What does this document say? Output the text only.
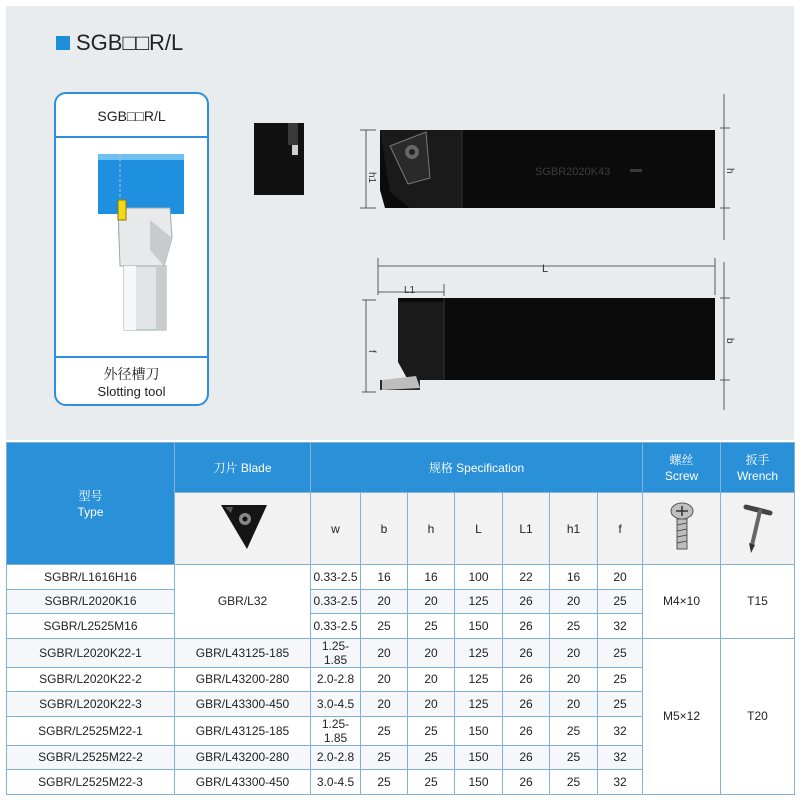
SGB□□R/L
SGB□□R/L
外径槽刀
Slotting tool
SGBR2020K43
h1
h
L
L1
f
b
型号
Type	刀片 Blade	规格 Specification							螺丝
Screw	扳手
Wrench

	w	b	h	L	L1	h1	f		
SGBR/L1616H16	GBR/L32	0.33-2.5	16	16	100	22	16	20	M4×10	T15
SGBR/L2020K16		0.33-2.5	20	20	125	26	20	25		
SGBR/L2525M16		0.33-2.5	25	25	150	26	25	32		
SGBR/L2020K22-1	GBR/L43125-185	1.25-1.85	20	20	125	26	20	25	M5×12	T20
SGBR/L2020K22-2	GBR/L43200-280	2.0-2.8	20	20	125	26	20	25		
SGBR/L2020K22-3	GBR/L43300-450	3.0-4.5	20	20	125	26	20	25		
SGBR/L2525M22-1	GBR/L43125-185	1.25-1.85	25	25	150	26	25	32		
SGBR/L2525M22-2	GBR/L43200-280	2.0-2.8	25	25	150	26	25	32		
SGBR/L2525M22-3	GBR/L43300-450	3.0-4.5	25	25	150	26	25	32		
